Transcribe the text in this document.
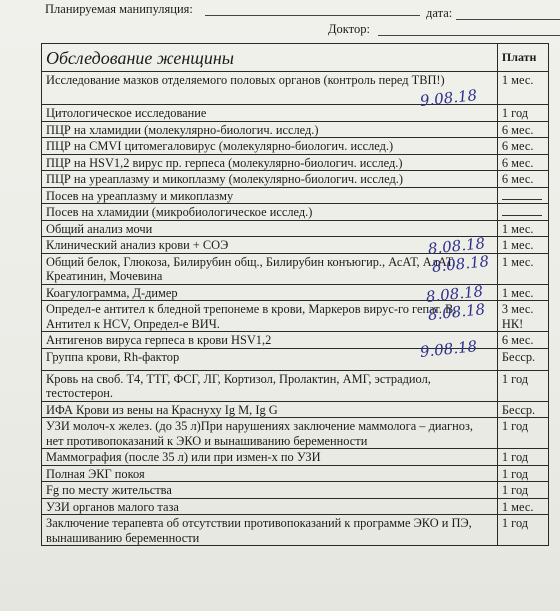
Планируемая манипуляция:	дата:
Доктор:
Обследование женщины	Платн
Исследование мазков отделяемого половых органов (контроль перед ТВП!)	1 мес.
Цитологическое исследование	1 год
ПЦР на хламидии (молекулярно-биологич. исслед.)	6 мес.
ПЦР на CMVI цитомегаловирус (молекулярно-биологич. исслед.)	6 мес.
ПЦР на HSV1,2 вирус пр. герпеса (молекулярно-биологич. исслед.)	6 мес.
ПЦР на уреаплазму и микоплазму (молекулярно-биологич. исслед.)	6 мес.
Посев на уреаплазму и микоплазму	
Посев на хламидии (микробиологическое исслед.)	
Общий анализ мочи	1 мес.
Клинический анализ крови + СОЭ	1 мес.
Общий белок, Глюкоза, Билирубин общ., Билирубин конъюгир., АсАТ, АлАТ, Креатинин, Мочевина	1 мес.
Коагулограмма, Д-димер	1 мес.
Определ-е антител к бледной трепонеме в крови, Маркеров вирус-го гепат. В, Антител к HCV, Определ-е ВИЧ.	3 мес. НК!
Антигенов вируса герпеса в крови HSV1,2	6 мес.
Группа крови, Rh-фактор	Бесср.
Кровь на своб. Т4, ТТГ, ФСГ, ЛГ, Кортизол, Пролактин, АМГ, эстрадиол, тестостерон.	1 год
ИФА Крови из вены на Краснуху Ig M, Ig G	Бесср.
УЗИ молоч-х желез. (до 35 л)При нарушениях заключение маммолога – диагноз, нет противопоказаний к ЭКО и вынашиванию беременности	1 год
Маммография (после 35 л) или при измен-х по УЗИ	1 год
Полная ЭКГ покоя	1 год
Fg по месту жительства	1 год
УЗИ органов малого таза	1 мес.
Заключение терапевта об отсутствии противопоказаний к программе ЭКО и ПЭ, вынашиванию беременности	1 год
9.08.18
8.08.18
8.08.18
8.08.18
8.08.18
9.08.18
